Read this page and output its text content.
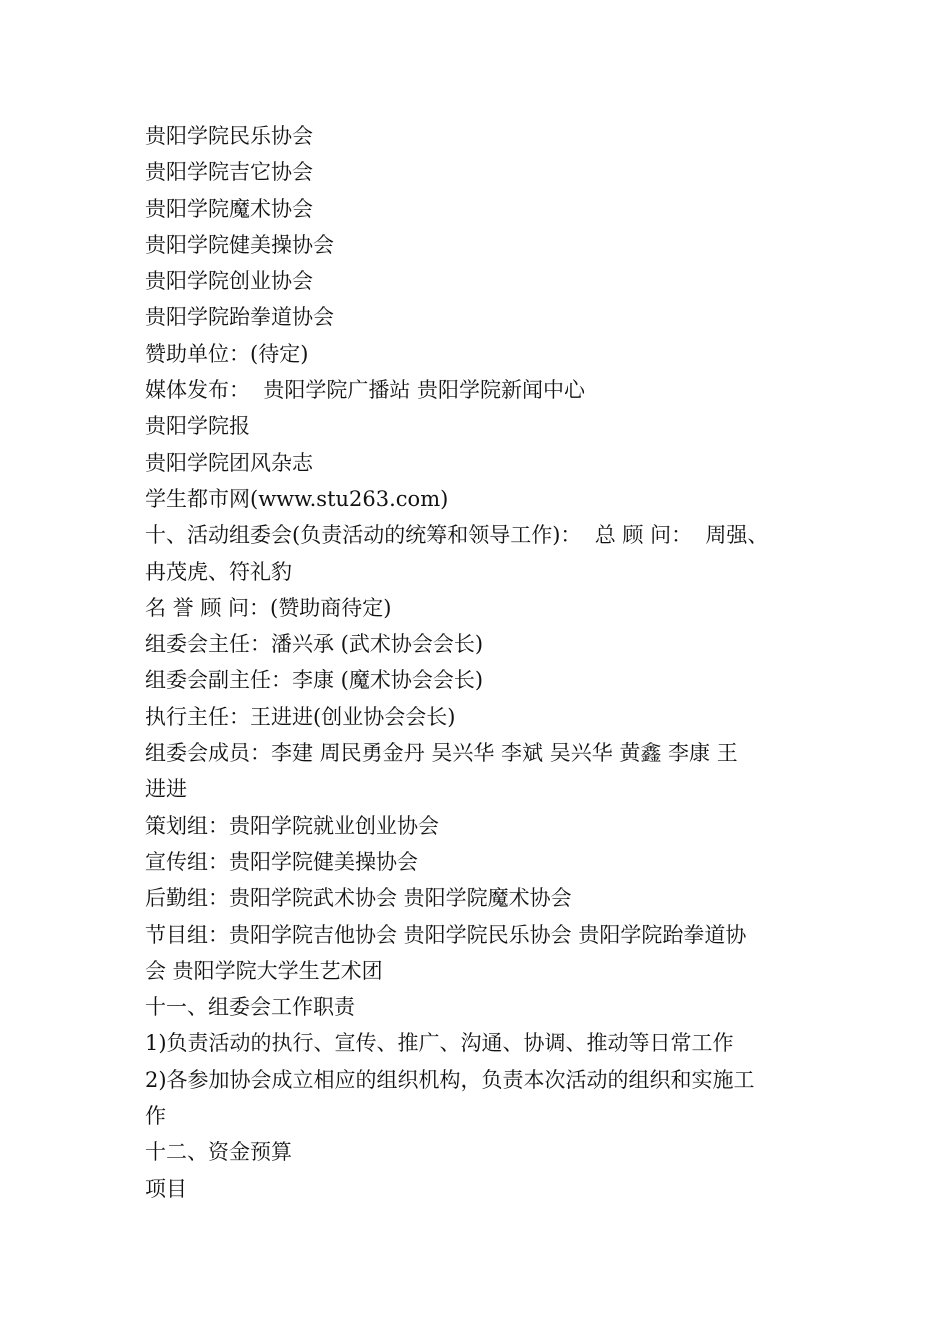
贵阳学院民乐协会

贵阳学院吉它协会

贵阳学院魔术协会

贵阳学院健美操协会

贵阳学院创业协会

贵阳学院跆拳道协会

赞助单位：(待定)

媒体发布：  贵阳学院广播站 贵阳学院新闻中心

贵阳学院报

贵阳学院团风杂志

学生都市网(www.stu263.com)

十、活动组委会(负责活动的统筹和领导工作)：  总 顾 问：  周强、

冉茂虎、符礼豹

名 誉 顾 问：(赞助商待定)

组委会主任：潘兴承 (武术协会会长)

组委会副主任：李康 (魔术协会会长)

执行主任：王进进(创业协会会长)

组委会成员：李建 周民勇金丹 吴兴华 李斌 吴兴华 黄鑫 李康 王

进进

策划组：贵阳学院就业创业协会

宣传组：贵阳学院健美操协会

后勤组：贵阳学院武术协会 贵阳学院魔术协会

节目组：贵阳学院吉他协会 贵阳学院民乐协会 贵阳学院跆拳道协

会 贵阳学院大学生艺术团

十一、组委会工作职责

1)负责活动的执行、宣传、推广、沟通、协调、推动等日常工作

2)各参加协会成立相应的组织机构，负责本次活动的组织和实施工

作

十二、资金预算

项目
